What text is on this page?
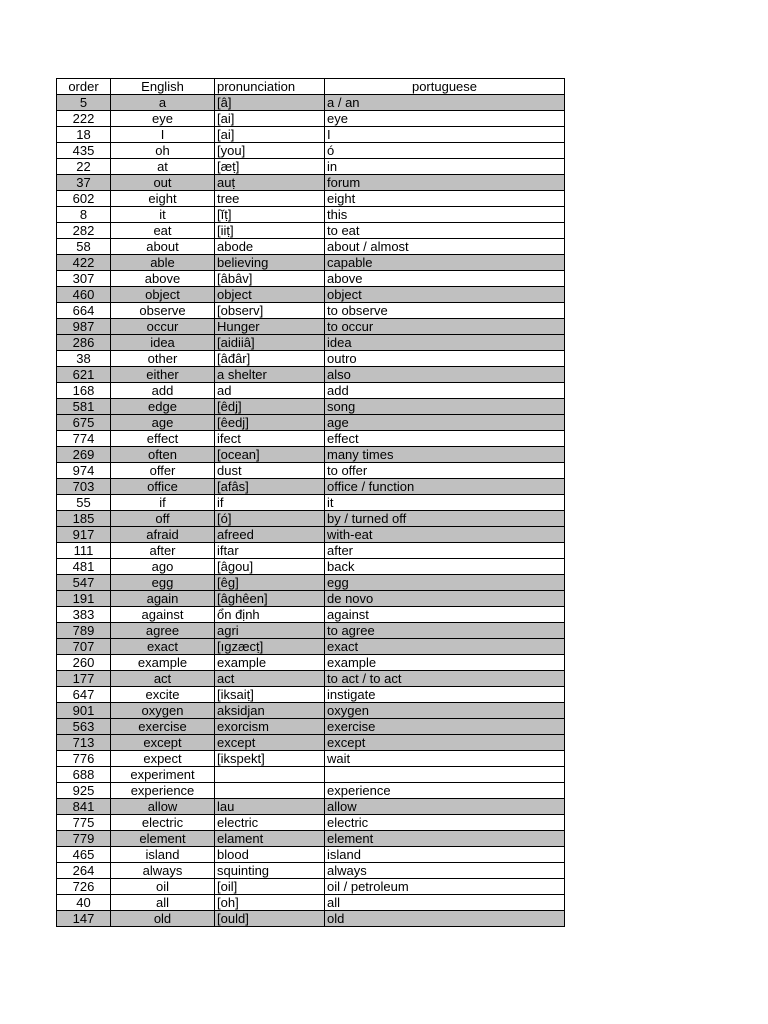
order	English	pronunciation	portuguese
5	a	[â]	a / an
222	eye	[ai]	eye
18	I	[ai]	I
435	oh	[you]	ó
22	at	[æṭ]	in
37	out	auṭ	forum
602	eight	tree	eight
8	it	[ĭṭ]	this
282	eat	[iiṭ]	to eat
58	about	abode	about / almost
422	able	believing	capable
307	above	[âbâv]	above
460	object	object	object
664	observe	[observ]	to observe
987	occur	Hunger	to occur
286	idea	[aidiiâ]	idea
38	other	[âđâr]	outro
621	either	a shelter	also
168	add	ad	add
581	edge	[êdj]	song
675	age	[êedj]	age
774	effect	ifect	effect
269	often	[ocean]	many times
974	offer	dust	to offer
703	office	[afâs]	office / function
55	if	if	it
185	off	[ó]	by / turned off
917	afraid	afreed	with-eat
111	after	iftar	after
481	ago	[âgou]	back
547	egg	[êg]	egg
191	again	[âghêen]	de novo
383	against	ổn định	against
789	agree	agri	to agree
707	exact	[ıgzæcṭ]	exact
260	example	example	example
177	act	act	to act / to act
647	excite	[iksaiṭ]	instigate
901	oxygen	aksidjan	oxygen
563	exercise	exorcism	exercise
713	except	except	except
776	expect	[ikspekt]	wait
688	experiment		
925	experience		experience
841	allow	lau	allow
775	electric	electric	electric
779	element	elament	element
465	island	blood	island
264	always	squinting	always
726	oil	[oil]	oil / petroleum
40	all	[oh]	all
147	old	[ould]	old
